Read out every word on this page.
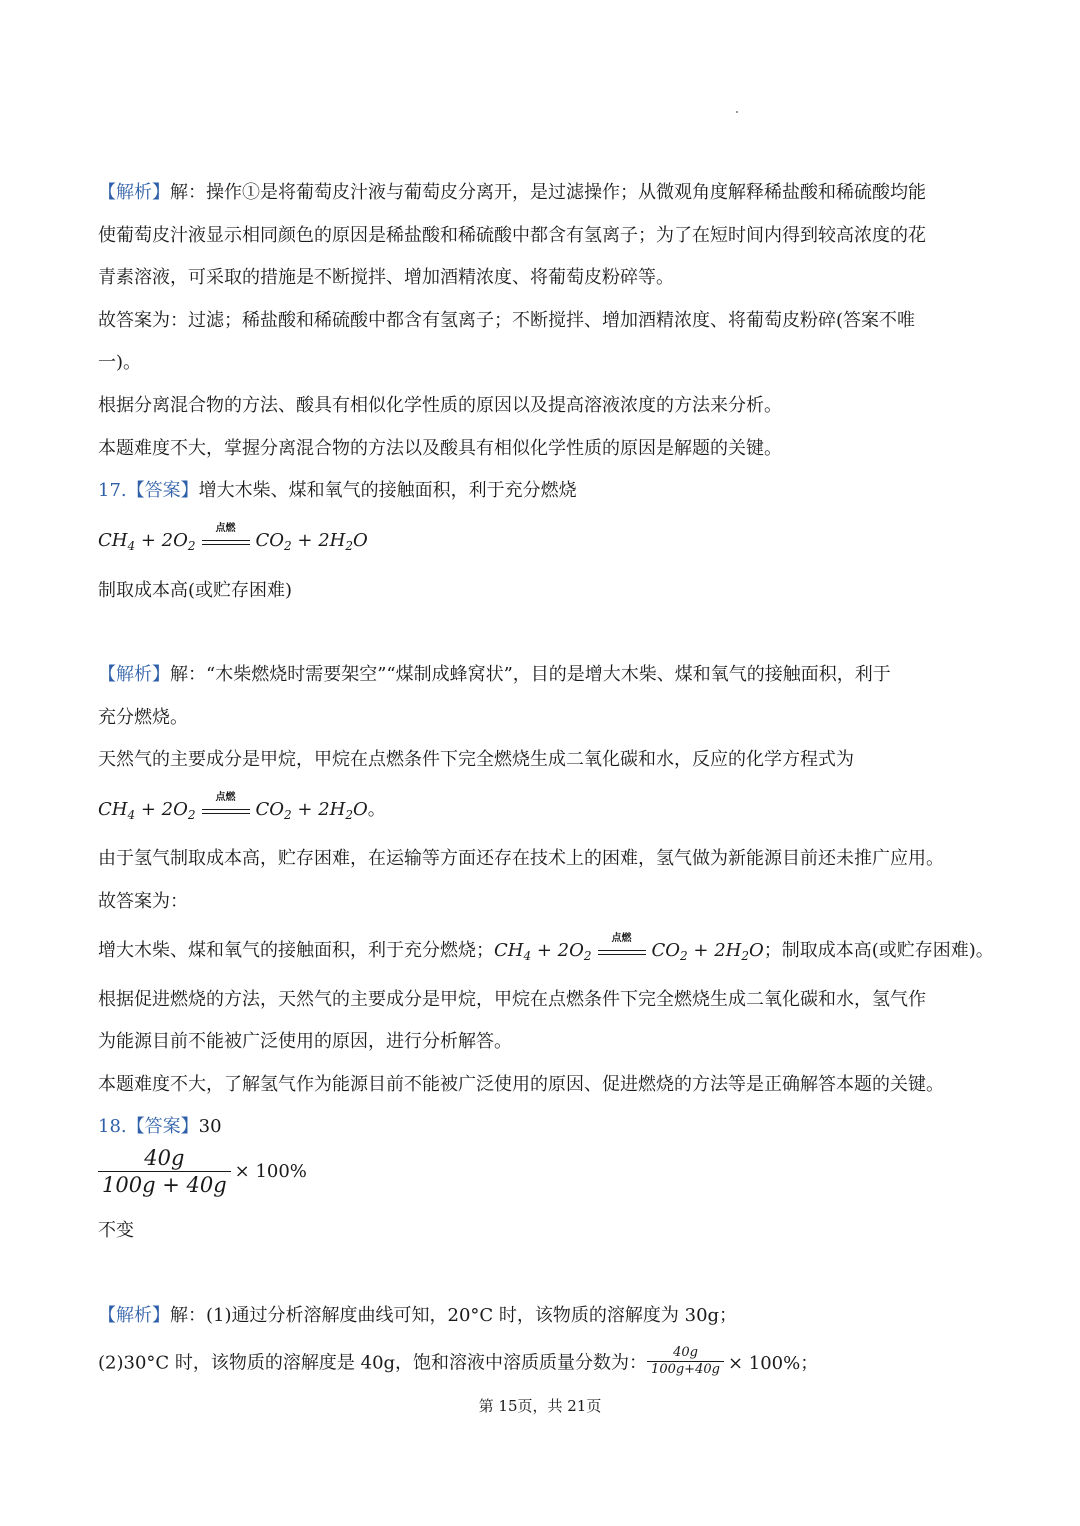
【解析】解：操作①是将葡萄皮汁液与葡萄皮分离开，是过滤操作；从微观角度解释稀盐酸和稀硫酸均能
使葡萄皮汁液显示相同颜色的原因是稀盐酸和稀硫酸中都含有氢离子；为了在短时间内得到较高浓度的花
青素溶液，可采取的措施是不断搅拌、增加酒精浓度、将葡萄皮粉碎等。
故答案为：过滤；稀盐酸和稀硫酸中都含有氢离子；不断搅拌、增加酒精浓度、将葡萄皮粉碎(答案不唯
一)。
根据分离混合物的方法、酸具有相似化学性质的原因以及提高溶液浓度的方法来分析。
本题难度不大，掌握分离混合物的方法以及酸具有相似化学性质的原因是解题的关键。
17.【答案】增大木柴、煤和氧气的接触面积，利于充分燃烧
$CH_4 + 2O_2$
点燃
$CO_2 + 2H_2O$
制取成本高(或贮存困难)
【解析】解：“木柴燃烧时需要架空”“煤制成蜂窝状”，目的是增大木柴、煤和氧气的接触面积，利于
充分燃烧。
天然气的主要成分是甲烷，甲烷在点燃条件下完全燃烧生成二氧化碳和水，反应的化学方程式为
$CH_4 + 2O_2$
点燃
$CO_2 + 2H_2O$。
由于氢气制取成本高，贮存困难，在运输等方面还存在技术上的困难，氢气做为新能源目前还未推广应用。
故答案为：
增大木柴、煤和氧气的接触面积，利于充分燃烧；$CH_4 + 2O_2$
点燃
$CO_2 + 2H_2O$；制取成本高(或贮存困难)。
根据促进燃烧的方法，天然气的主要成分是甲烷，甲烷在点燃条件下完全燃烧生成二氧化碳和水，氢气作
为能源目前不能被广泛使用的原因，进行分析解答。
本题难度不大，了解氢气作为能源目前不能被广泛使用的原因、促进燃烧的方法等是正确解答本题的关键。
18.【答案】30
$\frac{40g}{100g + 40g} \times 100\%$
不变
【解析】解：(1)通过分析溶解度曲线可知，20°C 时，该物质的溶解度为 30g；
(2)30°C 时，该物质的溶解度是 40g，饱和溶液中溶质质量分数为： $\frac{40g}{100g+40g} \times 100\%$；
第 15页，共 21页
